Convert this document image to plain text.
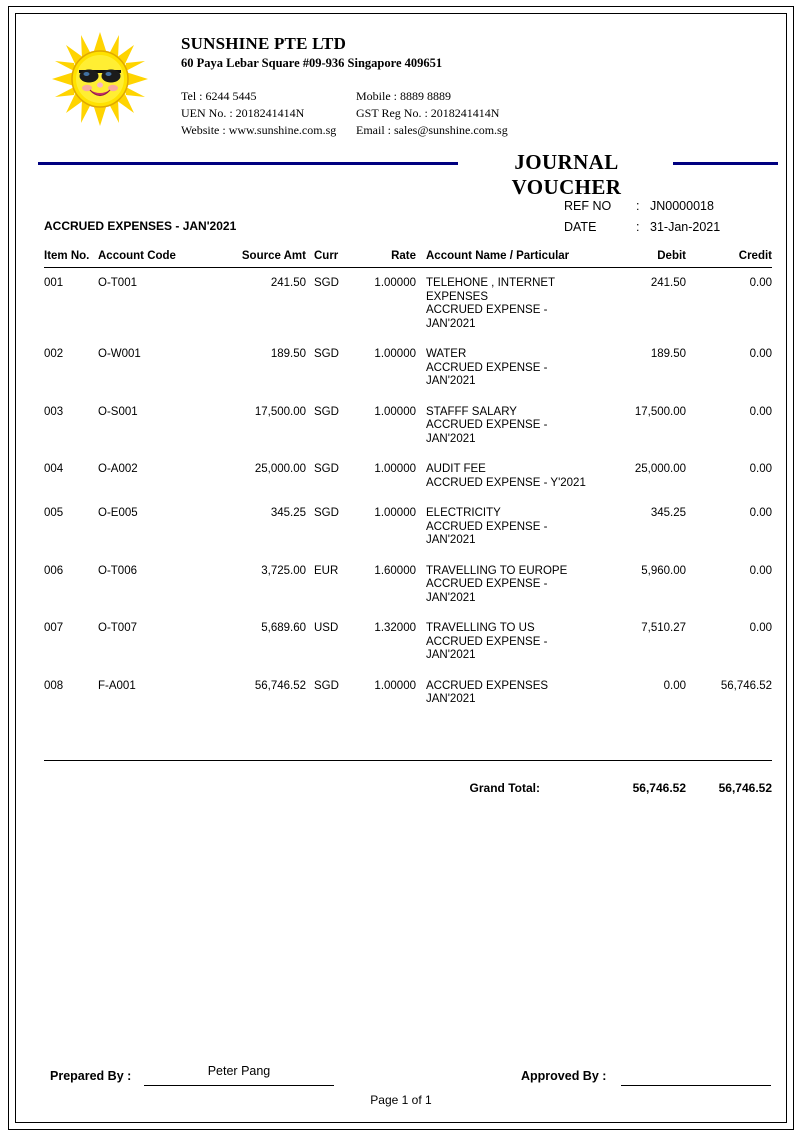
SUNSHINE PTE LTD
60 Paya Lebar Square #09-936 Singapore 409651
Tel : 6244 5445	Mobile : 8889 8889
UEN No. : 2018241414N	GST Reg No. : 2018241414N
Website : www.sunshine.com.sg	Email : sales@sunshine.com.sg
JOURNAL VOUCHER
REF NO	: JN0000018
DATE	: 31-Jan-2021
ACCRUED EXPENSES - JAN'2021
Item No.	Account Code	Source Amt	Curr	Rate	Account Name / Particular	Debit	Credit
001	O-T001	241.50	SGD	1.00000	TELEHONE , INTERNET
EXPENSES
ACCRUED EXPENSE -
JAN'2021	241.50	0.00
002	O-W001	189.50	SGD	1.00000	WATER
ACCRUED EXPENSE -
JAN'2021	189.50	0.00
003	O-S001	17,500.00	SGD	1.00000	STAFFF SALARY
ACCRUED EXPENSE -
JAN'2021	17,500.00	0.00
004	O-A002	25,000.00	SGD	1.00000	AUDIT FEE
ACCRUED EXPENSE - Y'2021	25,000.00	0.00
005	O-E005	345.25	SGD	1.00000	ELECTRICITY
ACCRUED EXPENSE -
JAN'2021	345.25	0.00
006	O-T006	3,725.00	EUR	1.60000	TRAVELLING TO EUROPE
ACCRUED EXPENSE -
JAN'2021	5,960.00	0.00
007	O-T007	5,689.60	USD	1.32000	TRAVELLING TO US
ACCRUED EXPENSE -
JAN'2021	7,510.27	0.00
008	F-A001	56,746.52	SGD	1.00000	ACCRUED EXPENSES
JAN'2021	0.00	56,746.52
Grand Total	:	56,746.52	56,746.52
Prepared By :	Peter Pang	Approved By :
Page 1 of 1
